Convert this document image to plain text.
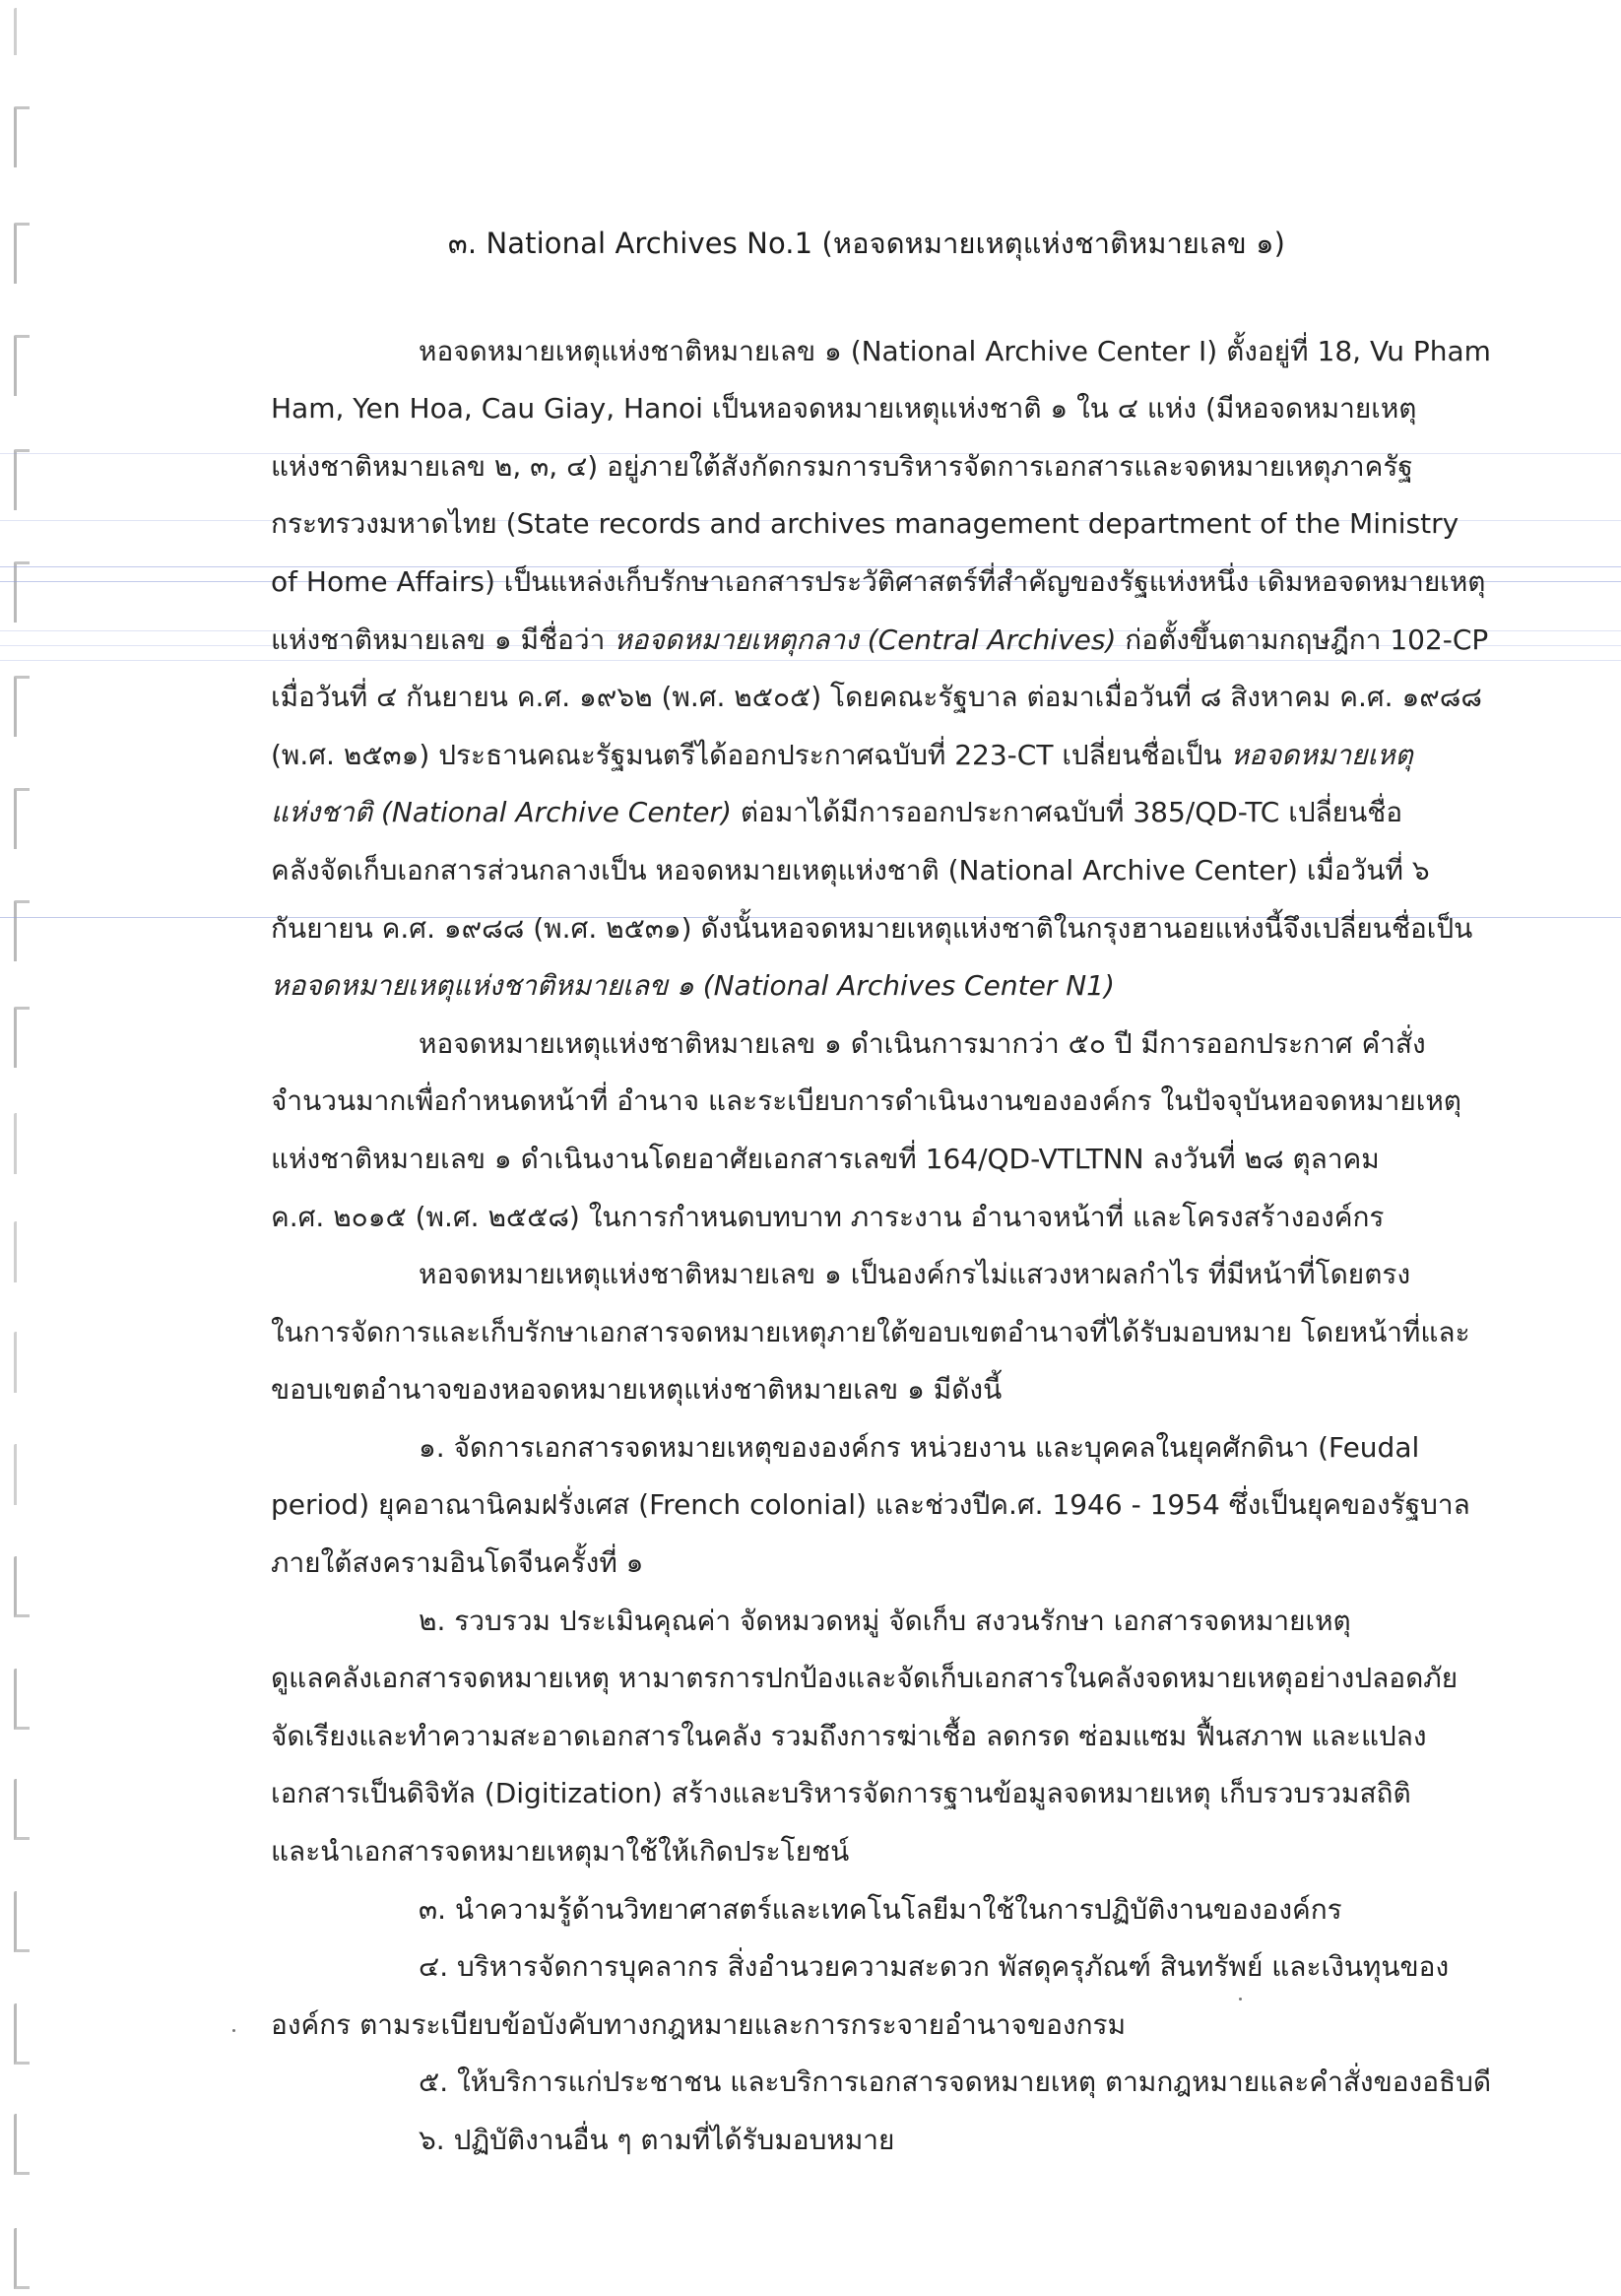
๓. National Archives No.1 (หอจดหมายเหตุแห่งชาติหมายเลข ๑)
หอจดหมายเหตุแห่งชาติหมายเลข ๑ (National Archive Center I) ตั้งอยู่ที่ 18, Vu Pham
Ham, Yen Hoa, Cau Giay, Hanoi เป็นหอจดหมายเหตุแห่งชาติ ๑ ใน ๔ แห่ง (มีหอจดหมายเหตุ
แห่งชาติหมายเลข ๒, ๓, ๔) อยู่ภายใต้สังกัดกรมการบริหารจัดการเอกสารและจดหมายเหตุภาครัฐ
กระทรวงมหาดไทย (State records and archives management department of the Ministry
of Home Affairs) เป็นแหล่งเก็บรักษาเอกสารประวัติศาสตร์ที่สำคัญของรัฐแห่งหนึ่ง เดิมหอจดหมายเหตุ
แห่งชาติหมายเลข ๑ มีชื่อว่า หอจดหมายเหตุกลาง (Central Archives) ก่อตั้งขึ้นตามกฤษฎีกา 102-CP
เมื่อวันที่ ๔ กันยายน ค.ศ. ๑๙๖๒ (พ.ศ. ๒๕๐๕) โดยคณะรัฐบาล ต่อมาเมื่อวันที่ ๘ สิงหาคม ค.ศ. ๑๙๘๘
(พ.ศ. ๒๕๓๑) ประธานคณะรัฐมนตรีได้ออกประกาศฉบับที่ 223-CT เปลี่ยนชื่อเป็น หอจดหมายเหตุ
แห่งชาติ (National Archive Center) ต่อมาได้มีการออกประกาศฉบับที่ 385/QD-TC เปลี่ยนชื่อ
คลังจัดเก็บเอกสารส่วนกลางเป็น หอจดหมายเหตุแห่งชาติ (National Archive Center) เมื่อวันที่ ๖
กันยายน ค.ศ. ๑๙๘๘ (พ.ศ. ๒๕๓๑) ดังนั้นหอจดหมายเหตุแห่งชาติในกรุงฮานอยแห่งนี้จึงเปลี่ยนชื่อเป็น
หอจดหมายเหตุแห่งชาติหมายเลข ๑ (National Archives Center N1)
หอจดหมายเหตุแห่งชาติหมายเลข ๑ ดำเนินการมากว่า ๕๐ ปี มีการออกประกาศ คำสั่ง
จำนวนมากเพื่อกำหนดหน้าที่ อำนาจ และระเบียบการดำเนินงานขององค์กร ในปัจจุบันหอจดหมายเหตุ
แห่งชาติหมายเลข ๑ ดำเนินงานโดยอาศัยเอกสารเลขที่ 164/QD-VTLTNN ลงวันที่ ๒๘ ตุลาคม
ค.ศ. ๒๐๑๕ (พ.ศ. ๒๕๕๘) ในการกำหนดบทบาท ภาระงาน อำนาจหน้าที่ และโครงสร้างองค์กร
หอจดหมายเหตุแห่งชาติหมายเลข ๑ เป็นองค์กรไม่แสวงหาผลกำไร ที่มีหน้าที่โดยตรง
ในการจัดการและเก็บรักษาเอกสารจดหมายเหตุภายใต้ขอบเขตอำนาจที่ได้รับมอบหมาย โดยหน้าที่และ
ขอบเขตอำนาจของหอจดหมายเหตุแห่งชาติหมายเลข ๑ มีดังนี้
๑. จัดการเอกสารจดหมายเหตุขององค์กร หน่วยงาน และบุคคลในยุคศักดินา (Feudal
period) ยุคอาณานิคมฝรั่งเศส (French colonial) และช่วงปีค.ศ. 1946 - 1954 ซึ่งเป็นยุคของรัฐบาล
ภายใต้สงครามอินโดจีนครั้งที่ ๑
๒. รวบรวม ประเมินคุณค่า จัดหมวดหมู่ จัดเก็บ สงวนรักษา เอกสารจดหมายเหตุ
ดูแลคลังเอกสารจดหมายเหตุ หามาตรการปกป้องและจัดเก็บเอกสารในคลังจดหมายเหตุอย่างปลอดภัย
จัดเรียงและทำความสะอาดเอกสารในคลัง รวมถึงการฆ่าเชื้อ ลดกรด ซ่อมแซม ฟื้นสภาพ และแปลง
เอกสารเป็นดิจิทัล (Digitization) สร้างและบริหารจัดการฐานข้อมูลจดหมายเหตุ เก็บรวบรวมสถิติ
และนำเอกสารจดหมายเหตุมาใช้ให้เกิดประโยชน์
๓. นำความรู้ด้านวิทยาศาสตร์และเทคโนโลยีมาใช้ในการปฏิบัติงานขององค์กร
๔. บริหารจัดการบุคลากร สิ่งอำนวยความสะดวก พัสดุครุภัณฑ์ สินทรัพย์ และเงินทุนของ
องค์กร ตามระเบียบข้อบังคับทางกฎหมายและการกระจายอำนาจของกรม
๕. ให้บริการแก่ประชาชน และบริการเอกสารจดหมายเหตุ ตามกฎหมายและคำสั่งของอธิบดี
๖. ปฏิบัติงานอื่น ๆ ตามที่ได้รับมอบหมาย
